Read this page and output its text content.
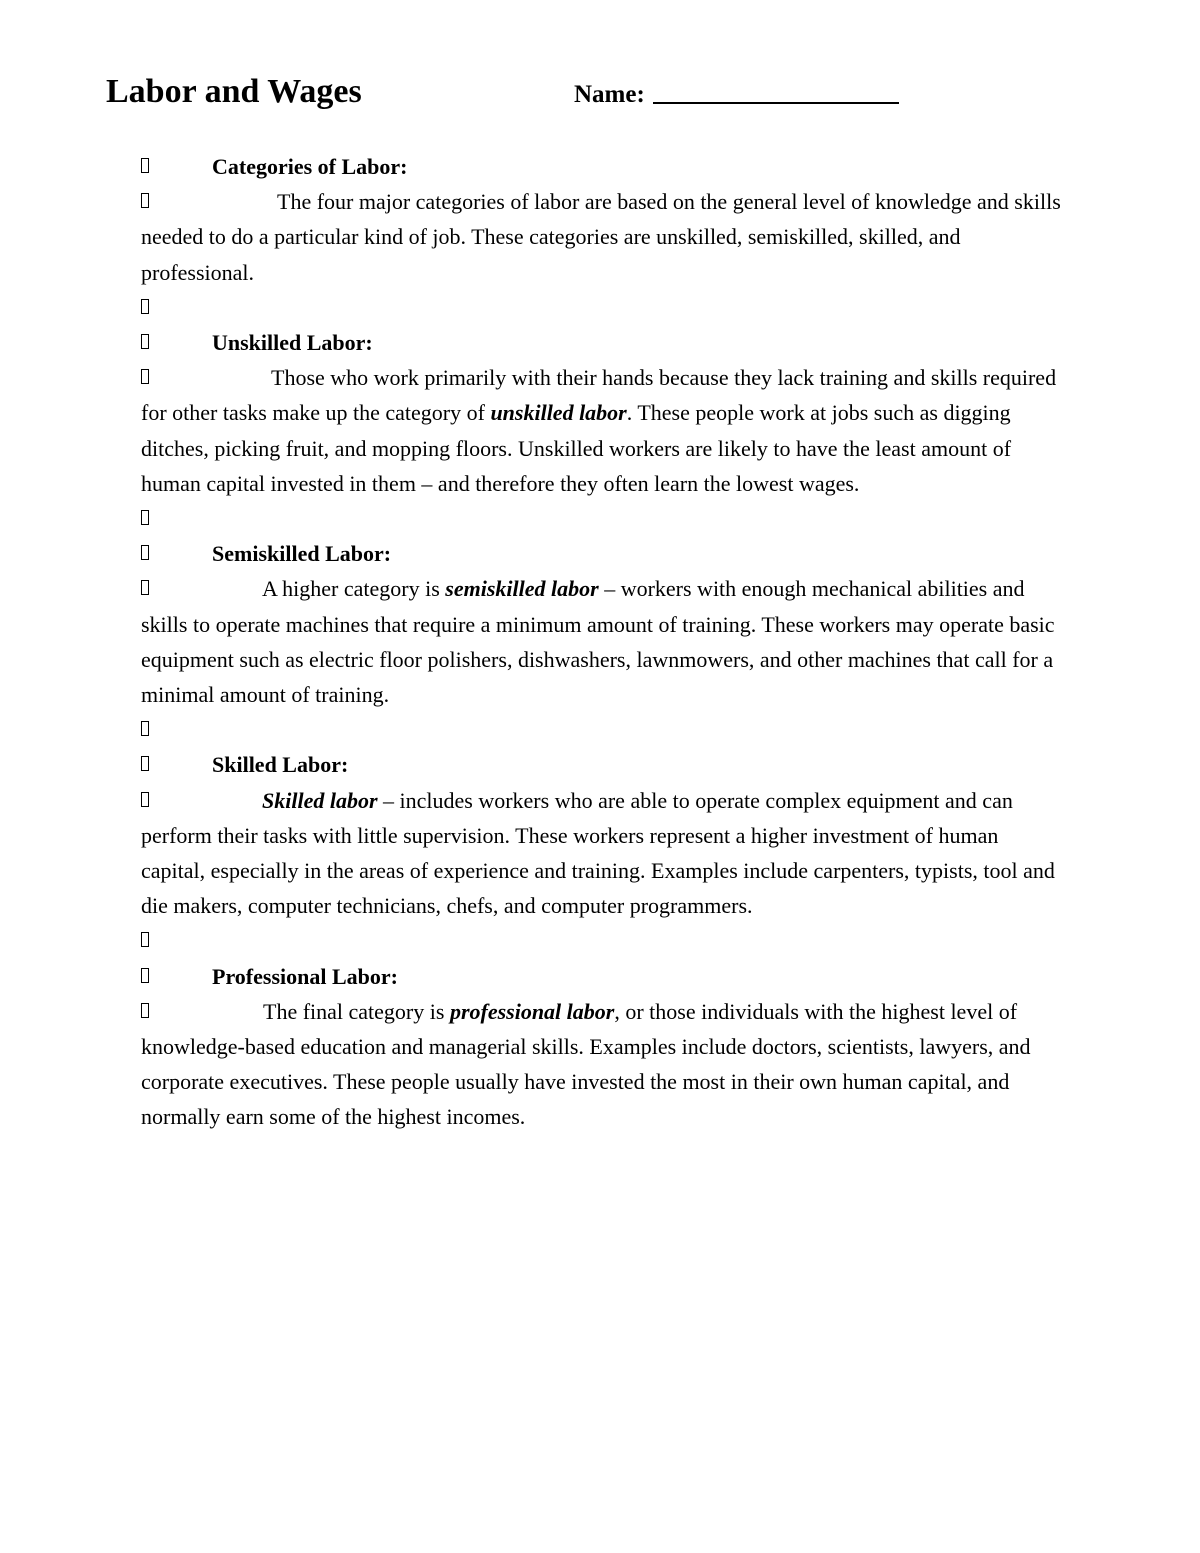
Labor and Wages	Name:
Categories of Labor:

The four major categories of labor are based on the general level of knowledge and skills needed to do a particular kind of job. These categories are unskilled, semiskilled, skilled, and professional.

Unskilled Labor:

Those who work primarily with their hands because they lack training and skills required for other tasks make up the category of unskilled labor. These people work at jobs such as digging ditches, picking fruit, and mopping floors. Unskilled workers are likely to have the least amount of human capital invested in them – and therefore they often learn the lowest wages.

Semiskilled Labor:

A higher category is semiskilled labor – workers with enough mechanical abilities and skills to operate machines that require a minimum amount of training. These workers may operate basic equipment such as electric floor polishers, dishwashers, lawnmowers, and other machines that call for a minimal amount of training.

Skilled Labor:

Skilled labor – includes workers who are able to operate complex equipment and can perform their tasks with little supervision. These workers represent a higher investment of human capital, especially in the areas of experience and training. Examples include carpenters, typists, tool and die makers, computer technicians, chefs, and computer programmers.

Professional Labor:

The final category is professional labor, or those individuals with the highest level of knowledge-based education and managerial skills. Examples include doctors, scientists, lawyers, and corporate executives. These people usually have invested the most in their own human capital, and normally earn some of the highest incomes.
